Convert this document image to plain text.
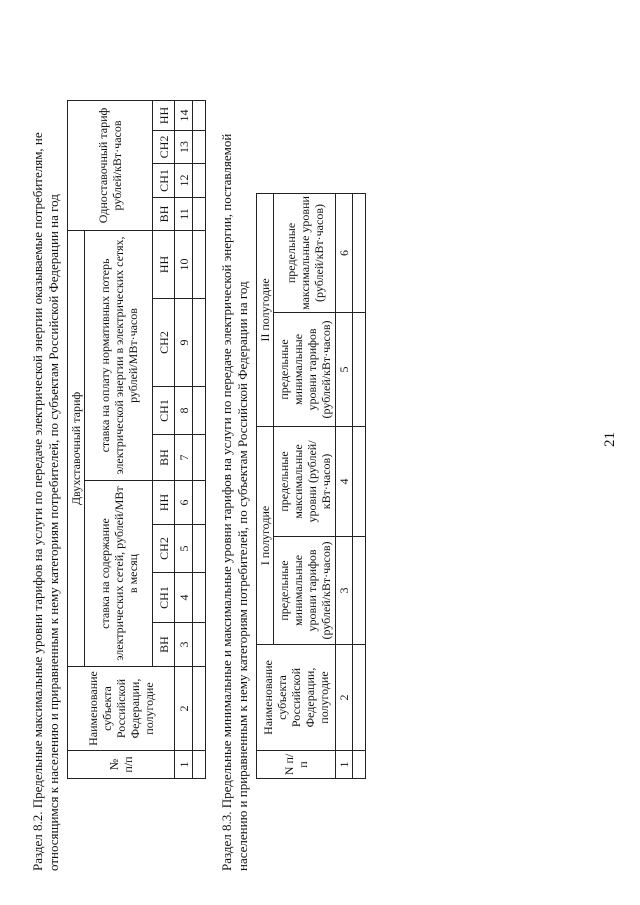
21
Раздел 8.2. Предельные максимальные уровни тарифов на услуги по передаче электрической энергии оказываемые потребителям, не относящимся к населению и приравненным к нему категориям потребителей, по субъектам Российской Федерации на год	№ п/п	Наименование субъекта Российской Федерации, полугодие	Двухставочный тариф								Одноставочный тариф рублей/кВт·часов			
		ставка на содержание электрических сетей, рублей/МВт в месяц				ставка на оплату нормативных потерь электрической энергии в электрических сетях, рублей/МВт·часов							
		ВН	СН1	СН2	НН	ВН	СН1	СН2	НН	ВН	СН1	СН2	НН
1	2	3	4	5	6	7	8	9	10	11	12	13	14

Раздел 8.3. Предельные минимальные и максимальные уровни тарифов на услуги по передаче электрической энергии, поставляемой населению и приравненным к нему категориям потребителей, по субъектам Российской Федерации на год	N п/п	Наименование субъекта Российской Федерации, полугодие	I полугодие		II полугодие	
		предельные минимальные уровни тарифов (рублей/кВт·часов)	предельные максимальные уровни (рублей/кВт·часов)	предельные минимальные уровни тарифов (рублей/кВт·часов)	предельные максимальные уровни (рублей/кВт·часов)
1	2	3	4	5	6
